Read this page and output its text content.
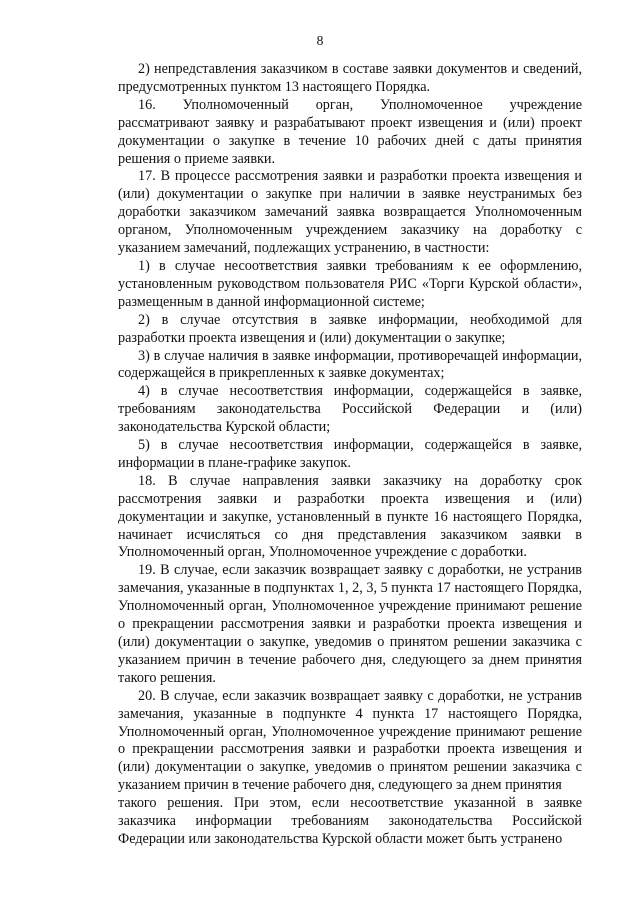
8

2) непредставления заказчиком в составе заявки документов и сведений, предусмотренных пунктом 13 настоящего Порядка.

16. Уполномоченный орган, Уполномоченное учреждение рассматривают заявку и разрабатывают проект извещения и (или) проект документации о закупке в течение 10 рабочих дней с даты принятия решения о приеме заявки.

17. В процессе рассмотрения заявки и разработки проекта извещения и (или) документации о закупке при наличии в заявке неустранимых без доработки заказчиком замечаний заявка возвращается Уполномоченным органом, Уполномоченным учреждением заказчику на доработку с указанием замечаний, подлежащих устранению, в частности:

1) в случае несоответствия заявки требованиям к ее оформлению, установленным руководством пользователя РИС «Торги Курской области», размещенным в данной информационной системе;

2) в случае отсутствия в заявке информации, необходимой для разработки проекта извещения и (или) документации о закупке;

3) в случае наличия в заявке информации, противоречащей информации, содержащейся в прикрепленных к заявке документах;

4) в случае несоответствия информации, содержащейся в заявке, требованиям законодательства Российской Федерации и (или) законодательства Курской области;

5) в случае несоответствия информации, содержащейся в заявке, информации в плане-графике закупок.

18. В случае направления заявки заказчику на доработку срок рассмотрения заявки и разработки проекта извещения и (или) документации и закупке, установленный в пункте 16 настоящего Порядка, начинает исчисляться со дня представления заказчиком заявки в Уполномоченный орган, Уполномоченное учреждение с доработки.

19. В случае, если заказчик возвращает заявку с доработки, не устранив замечания, указанные в подпунктах 1, 2, 3, 5 пункта 17 настоящего Порядка, Уполномоченный орган, Уполномоченное учреждение принимают решение о прекращении рассмотрения заявки и разработки проекта извещения и (или) документации о закупке, уведомив о принятом решении заказчика с указанием причин в течение рабочего дня, следующего за днем принятия такого решения.

20. В случае, если заказчик возвращает заявку с доработки, не устранив замечания, указанные в подпункте 4 пункта 17 настоящего Порядка, Уполномоченный орган, Уполномоченное учреждение принимают решение о прекращении рассмотрения заявки и разработки проекта извещения и (или) документации о закупке, уведомив о принятом решении заказчика с указанием причин в течение рабочего дня, следующего за днем принятия

такого решения. При этом, если несоответствие указанной в заявке заказчика информации требованиям законодательства Российской Федерации или законодательства Курской области может быть устранено
